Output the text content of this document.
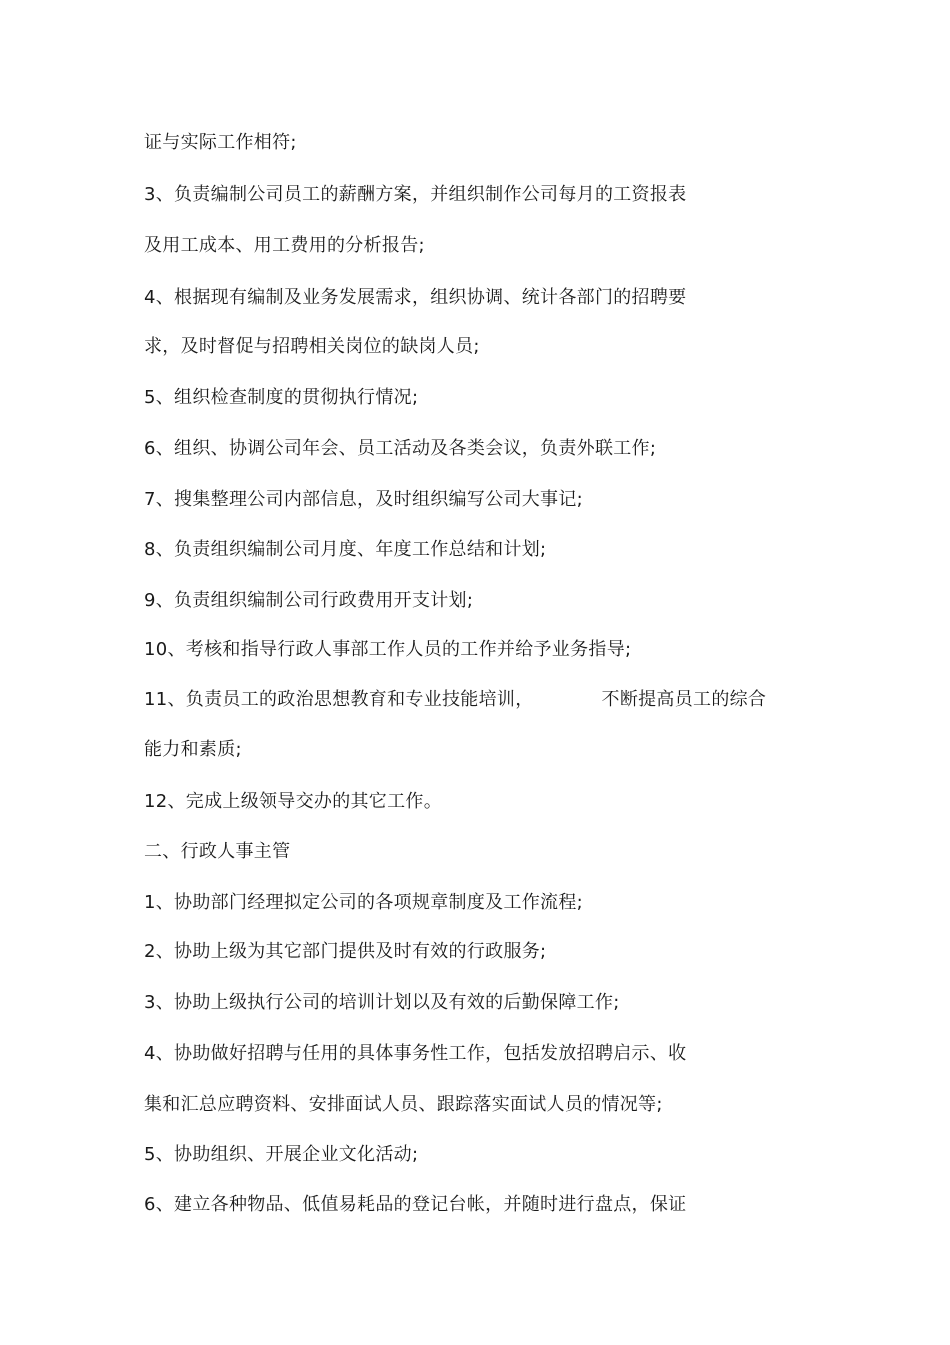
证与实际工作相符;
3、负责编制公司员工的薪酬方案，并组织制作公司每月的工资报表
及用工成本、用工费用的分析报告;
4、根据现有编制及业务发展需求，组织协调、统计各部门的招聘要
求，及时督促与招聘相关岗位的缺岗人员;
5、组织检查制度的贯彻执行情况;
6、组织、协调公司年会、员工活动及各类会议，负责外联工作;
7、搜集整理公司内部信息，及时组织编写公司大事记;
8、负责组织编制公司月度、年度工作总结和计划;
9、负责组织编制公司行政费用开支计划;
10、考核和指导行政人事部工作人员的工作并给予业务指导;
11、负责员工的政治思想教育和专业技能培训，	不断提高员工的综合
能力和素质;
12、完成上级领导交办的其它工作。
二、行政人事主管
1、协助部门经理拟定公司的各项规章制度及工作流程;
2、协助上级为其它部门提供及时有效的行政服务;
3、协助上级执行公司的培训计划以及有效的后勤保障工作;
4、协助做好招聘与任用的具体事务性工作，包括发放招聘启示、收
集和汇总应聘资料、安排面试人员、跟踪落实面试人员的情况等;
5、协助组织、开展企业文化活动;
6、建立各种物品、低值易耗品的登记台帐，并随时进行盘点，保证
